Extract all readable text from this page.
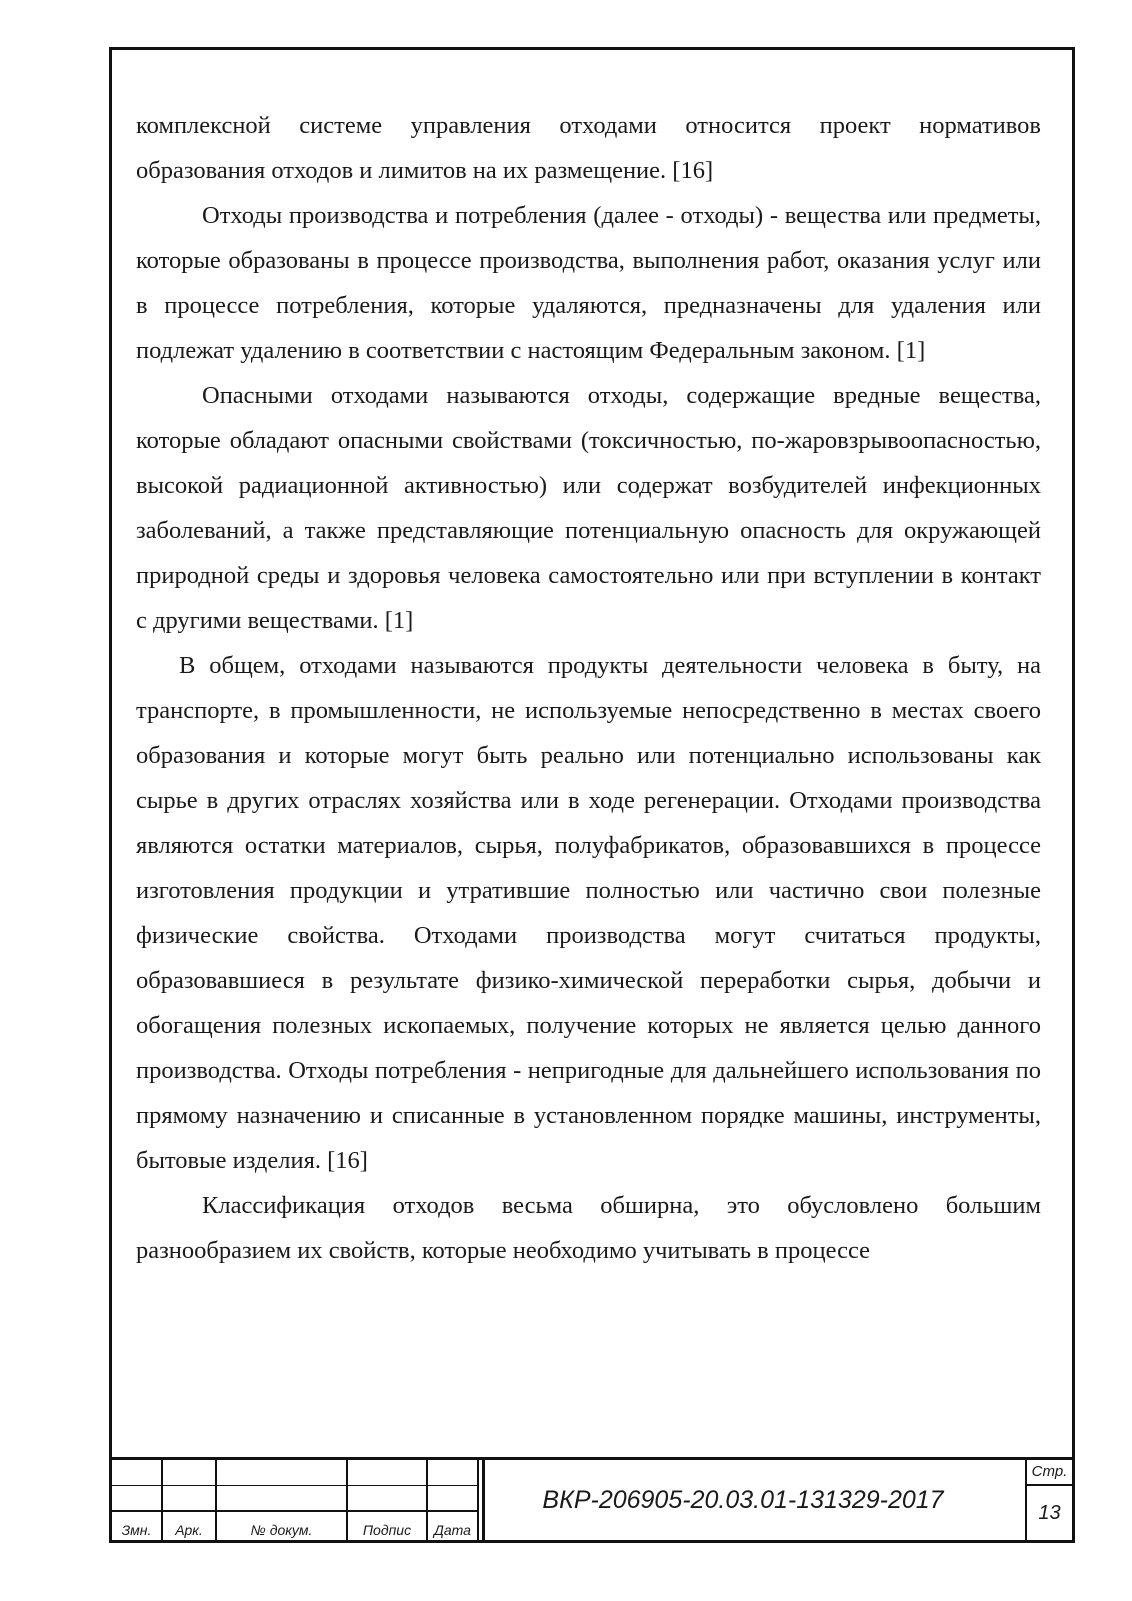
комплексной системе управления отходами относится проект нормативов образования отходов и лимитов на их размещение. [16]

Отходы производства и потребления (далее - отходы) - вещества или предметы, которые образованы в процессе производства, выполнения работ, оказания услуг или в процессе потребления, которые удаляются, предназначены для удаления или подлежат удалению в соответствии с настоящим Федеральным законом. [1]

Опасными отходами называются отходы, содержащие вредные вещества, которые обладают опасными свойствами (токсичностью, по-жаровзрывоопасностью, высокой радиационной активностью) или содержат возбудителей инфекционных заболеваний, а также представляющие потенциальную опасность для окружающей природной среды и здоровья человека самостоятельно или при вступлении в контакт с другими веществами. [1]

В общем, отходами называются продукты деятельности человека в быту, на транспорте, в промышленности, не используемые непосредственно в местах своего образования и которые могут быть реально или потенциально использованы как сырье в других отраслях хозяйства или в ходе регенерации. Отходами производства являются остатки материалов, сырья, полуфабрикатов, образовавшихся в процессе изготовления продукции и утратившие полностью или частично свои полезные физические свойства. Отходами производства могут считаться продукты, образовавшиеся в результате физико-химической переработки сырья, добычи и обогащения полезных ископаемых, получение которых не является целью данного производства. Отходы потребления - непригодные для дальнейшего использования по прямому назначению и списанные в установленном порядке машины, инструменты, бытовые изделия. [16]

Классификация отходов весьма обширна, это обусловлено большим разнообразием их свойств, которые необходимо учитывать в процессе

Змн.	Арк.	№ докум.	Подпис	Дата
ВКР-206905-20.03.01-131329-2017
Стр.
13
